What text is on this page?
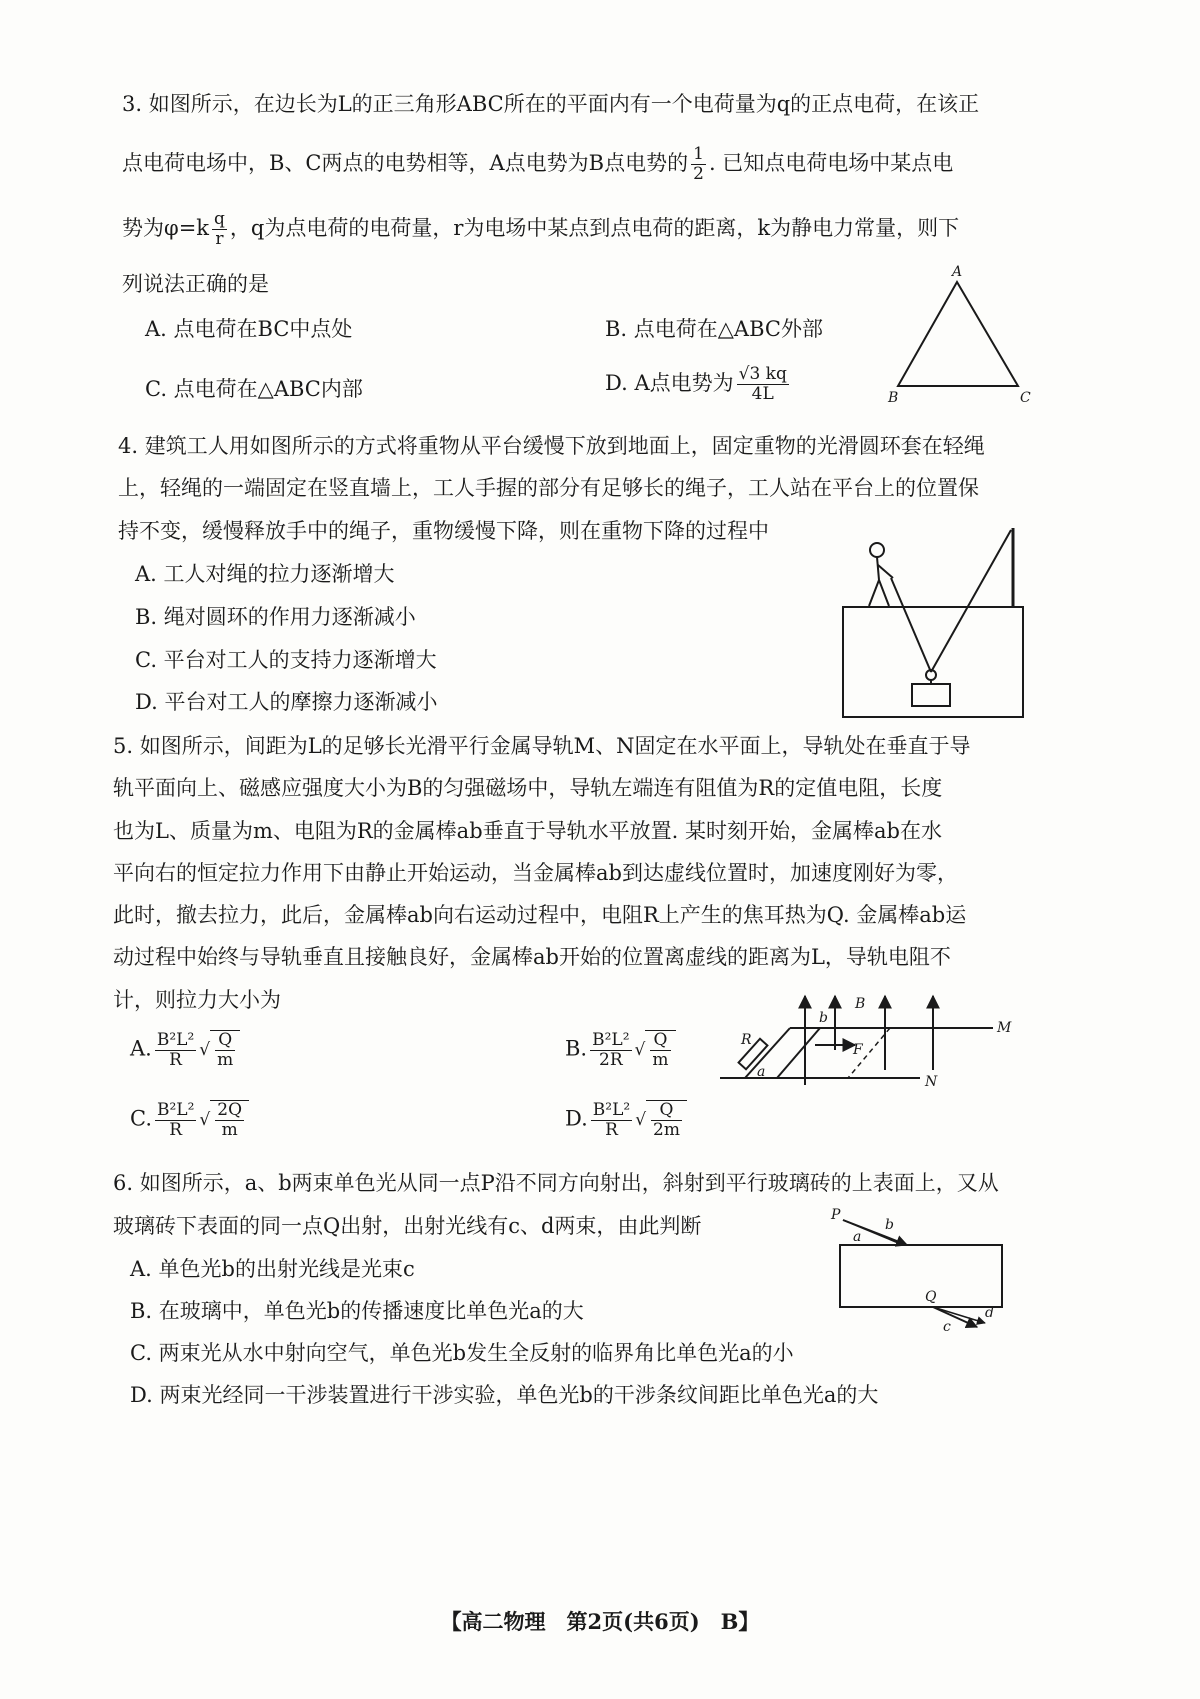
3. 如图所示，在边长为L的正三角形ABC所在的平面内有一个电荷量为q的正点电荷，在该正
点电荷电场中，B、C两点的电势相等，A点电势为B点电势的 $\frac{1}{2}$ . 已知点电荷电场中某点电
势为$\varphi=k \frac{q}{r}$ ，q为点电荷的电荷量，r为电场中某点到点电荷的距离，k为静电力常量，则下
列说法正确的是
A. 点电荷在BC中点处	B. 点电荷在△ABC外部
C. 点电荷在△ABC内部	D. A点电势为 $\frac{√3 kq}{4L}$
A
B	C
4. 建筑工人用如图所示的方式将重物从平台缓慢下放到地面上，固定重物的光滑圆环套在轻绳
上，轻绳的一端固定在竖直墙上，工人手握的部分有足够长的绳子，工人站在平台上的位置保
持不变，缓慢释放手中的绳子，重物缓慢下降，则在重物下降的过程中
A. 工人对绳的拉力逐渐增大
B. 绳对圆环的作用力逐渐减小
C. 平台对工人的支持力逐渐增大
D. 平台对工人的摩擦力逐渐减小
5. 如图所示，间距为L的足够长光滑平行金属导轨M、N固定在水平面上，导轨处在垂直于导
轨平面向上、磁感应强度大小为B的匀强磁场中，导轨左端连有阻值为R的定值电阻，长度
也为L、质量为m、电阻为R的金属棒ab垂直于导轨水平放置. 某时刻开始，金属棒ab在水
平向右的恒定拉力作用下由静止开始运动，当金属棒ab到达虚线位置时，加速度刚好为零，
此时，撤去拉力，此后，金属棒ab向右运动过程中，电阻R上产生的焦耳热为Q. 金属棒ab运
动过程中始终与导轨垂直且接触良好，金属棒ab开始的位置离虚线的距离为L，导轨电阻不
计，则拉力大小为
A. $\frac{\text{B²L²}}{R}$ √ $\frac{Q}{m}$	B. $\frac{\text{B²L²}}{2R}$ √ $\frac{Q}{m}$
C. $\frac{\text{B²L²}}{R}$ √ $\frac{2Q}{m}$	D. $\frac{\text{B²L²}}{R}$ √ $\frac{Q}{2m}$
B
b
a
R
F
M
N
6. 如图所示，a、b两束单色光从同一点P沿不同方向射出，斜射到平行玻璃砖的上表面上，又从
玻璃砖下表面的同一点Q出射，出射光线有c、d两束，由此判断
A. 单色光b的出射光线是光束c
B. 在玻璃中，单色光b的传播速度比单色光a的大
C. 两束光从水中射向空气，单色光b发生全反射的临界角比单色光a的小
D. 两束光经同一干涉装置进行干涉实验，单色光b的干涉条纹间距比单色光a的大
P
a
b
Q
c
d
【高二物理　第2页(共6页)　B】
